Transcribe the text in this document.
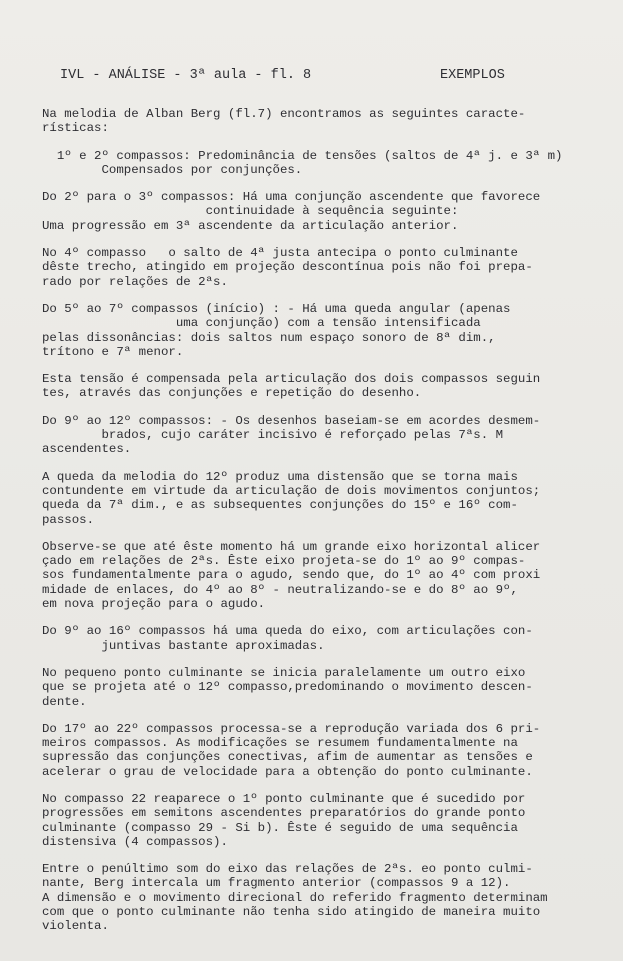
IVL - ANÁLISE - 3ª aula - fl. 8	EXEMPLOS
Na melodia de Alban Berg (fl.7) encontramos as seguintes caracte-
rísticas:
1º e 2º compassos: Predominância de tensões (saltos de 4ª j. e 3ª m)
Compensados por conjunções.
Do 2º para o 3º compassos: Há uma conjunção ascendente que favorece
continuidade à sequência seguinte:
Uma progressão em 3ª ascendente da articulação anterior.
No 4º compasso   o salto de 4ª justa antecipa o ponto culminante
dêste trecho, atingido em projeção descontínua pois não foi prepa-
rado por relações de 2ªs.
Do 5º ao 7º compassos (início) : - Há uma queda angular (apenas
uma conjunção) com a tensão intensificada
pelas dissonâncias: dois saltos num espaço sonoro de 8ª dim.,
trítono e 7ª menor.
Esta tensão é compensada pela articulação dos dois compassos seguin
tes, através das conjunções e repetição do desenho.
Do 9º ao 12º compassos: - Os desenhos baseiam-se em acordes desmem-
brados, cujo caráter incisivo é reforçado pelas 7ªs. M
ascendentes.
A queda da melodia do 12º produz uma distensão que se torna mais
contundente em virtude da articulação de dois movimentos conjuntos;
queda da 7ª dim., e as subsequentes conjunções do 15º e 16º com-
passos.
Observe-se que até êste momento há um grande eixo horizontal alicer
çado em relações de 2ªs. Êste eixo projeta-se do 1º ao 9º compas-
sos fundamentalmente para o agudo, sendo que, do 1º ao 4º com proxi
midade de enlaces, do 4º ao 8º - neutralizando-se e do 8º ao 9º,
em nova projeção para o agudo.
Do 9º ao 16º compassos há uma queda do eixo, com articulações con-
juntivas bastante aproximadas.
No pequeno ponto culminante se inicia paralelamente um outro eixo
que se projeta até o 12º compasso,predominando o movimento descen-
dente.
Do 17º ao 22º compassos processa-se a reprodução variada dos 6 pri-
meiros compassos. As modificações se resumem fundamentalmente na
supressão das conjunções conectivas, afim de aumentar as tensões e
acelerar o grau de velocidade para a obtenção do ponto culminante.
No compasso 22 reaparece o 1º ponto culminante que é sucedido por
progressões em semitons ascendentes preparatórios do grande ponto
culminante (compasso 29 - Si b). Êste é seguido de uma sequência
distensiva (4 compassos).
Entre o penúltimo som do eixo das relações de 2ªs. eo ponto culmi-
nante, Berg intercala um fragmento anterior (compassos 9 a 12).
A dimensão e o movimento direcional do referido fragmento determinam
com que o ponto culminante não tenha sido atingido de maneira muito
violenta.
